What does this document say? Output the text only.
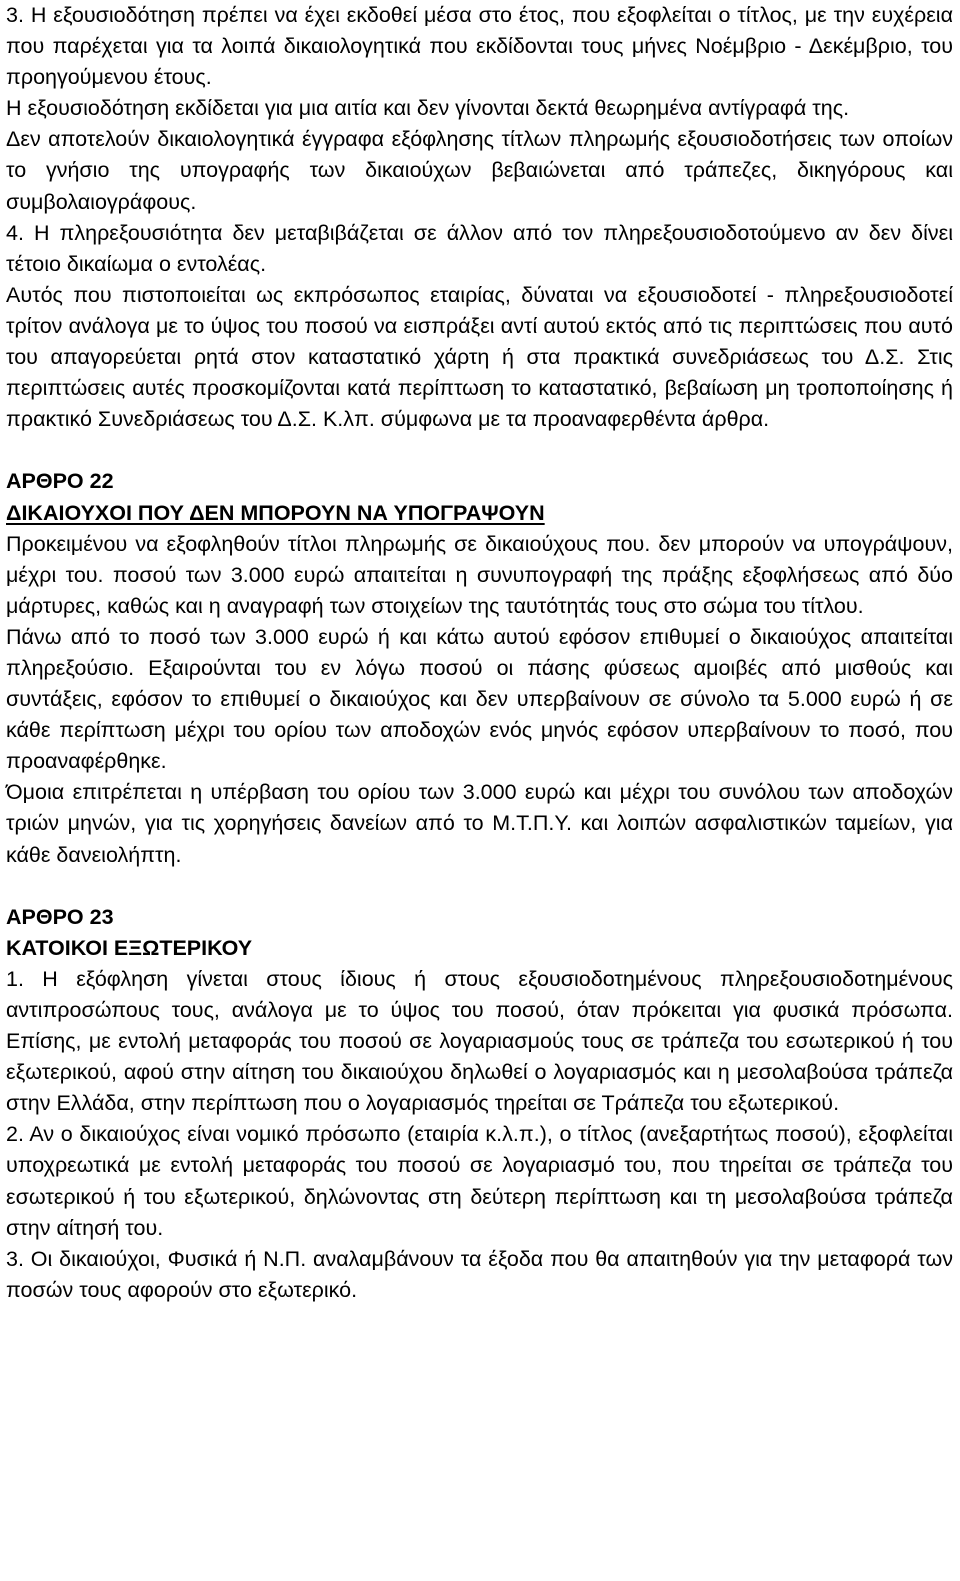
3. Η εξουσιοδότηση πρέπει να έχει εκδοθεί μέσα στο έτος, που εξοφλείται ο τίτλος, με την ευχέρεια που παρέχεται για τα λοιπά δικαιολογητικά που εκδίδονται τους μήνες Νοέμβριο - Δεκέμβριο, του προηγούμενου έτους.

Η εξουσιοδότηση εκδίδεται για μια αιτία και δεν γίνονται δεκτά θεωρημένα αντίγραφά της.

Δεν αποτελούν δικαιολογητικά έγγραφα εξόφλησης τίτλων πληρωμής εξουσιοδοτήσεις των οποίων το γνήσιο της υπογραφής των δικαιούχων βεβαιώνεται από τράπεζες, δικηγόρους και συμβολαιογράφους.

4. Η πληρεξουσιότητα δεν μεταβιβάζεται σε άλλον από τον πληρεξουσιοδοτούμενο αν δεν δίνει τέτοιο δικαίωμα ο εντολέας.

Αυτός που πιστοποιείται ως εκπρόσωπος εταιρίας, δύναται να εξουσιοδοτεί - πληρεξουσιοδοτεί τρίτον ανάλογα με το ύψος του ποσού να εισπράξει αντί αυτού εκτός από τις περιπτώσεις που αυτό του απαγορεύεται ρητά στον καταστατικό χάρτη ή στα πρακτικά συνεδριάσεως του Δ.Σ. Στις περιπτώσεις αυτές προσκομίζονται κατά περίπτωση το καταστατικό, βεβαίωση μη τροποποίησης ή πρακτικό Συνεδριάσεως του Δ.Σ. Κ.λπ. σύμφωνα με τα προαναφερθέντα άρθρα.

ΑΡΘΡΟ 22

ΔΙΚΑΙΟΥΧΟΙ ΠΟΥ ΔΕΝ ΜΠΟΡΟΥΝ ΝΑ ΥΠΟΓΡΑΨΟΥΝ

Προκειμένου να εξοφληθούν τίτλοι πληρωμής σε δικαιούχους που. δεν μπορούν να υπογράψουν, μέχρι του. ποσού των 3.000 ευρώ απαιτείται η συνυπογραφή της πράξης εξοφλήσεως από δύο μάρτυρες, καθώς και η αναγραφή των στοιχείων της ταυτότητάς τους στο σώμα του τίτλου.

Πάνω από το ποσό των 3.000 ευρώ ή και κάτω αυτού εφόσον επιθυμεί ο δικαιούχος απαιτείται πληρεξούσιο. Εξαιρούνται του εν λόγω ποσού οι πάσης φύσεως αμοιβές από μισθούς και συντάξεις, εφόσον το επιθυμεί ο δικαιούχος και δεν υπερβαίνουν σε σύνολο τα 5.000 ευρώ ή σε κάθε περίπτωση μέχρι του ορίου των αποδοχών ενός μηνός εφόσον υπερβαίνουν το ποσό, που προαναφέρθηκε.

Όμοια επιτρέπεται η υπέρβαση του ορίου των 3.000 ευρώ και μέχρι του συνόλου των αποδοχών τριών μηνών, για τις χορηγήσεις δανείων από το Μ.Τ.Π.Υ. και λοιπών ασφαλιστικών ταμείων, για κάθε δανειολήπτη.

ΑΡΘΡΟ 23

ΚΑΤΟΙΚΟΙ ΕΞΩΤΕΡΙΚΟΥ

1. Η εξόφληση γίνεται στους ίδιους ή στους εξουσιοδοτημένους πληρεξουσιοδοτημένους αντιπροσώπους τους, ανάλογα με το ύψος του ποσού, όταν πρόκειται για φυσικά πρόσωπα. Επίσης, με εντολή μεταφοράς του ποσού σε λογαριασμούς τους σε τράπεζα του εσωτερικού ή του εξωτερικού, αφού στην αίτηση του δικαιούχου δηλωθεί ο λογαριασμός και η μεσολαβούσα τράπεζα στην Ελλάδα, στην περίπτωση που ο λογαριασμός τηρείται σε Τράπεζα του εξωτερικού.

2. Αν ο δικαιούχος είναι νομικό πρόσωπο (εταιρία κ.λ.π.), ο τίτλος (ανεξαρτήτως ποσού), εξοφλείται υποχρεωτικά με εντολή μεταφοράς του ποσού σε λογαριασμό του, που τηρείται σε τράπεζα του εσωτερικού ή του εξωτερικού, δηλώνοντας στη δεύτερη περίπτωση και τη μεσολαβούσα τράπεζα στην αίτησή του.

3. Οι δικαιούχοι, Φυσικά ή Ν.Π. αναλαμβάνουν τα έξοδα που θα απαιτηθούν για την μεταφορά των ποσών τους αφορούν στο εξωτερικό.
